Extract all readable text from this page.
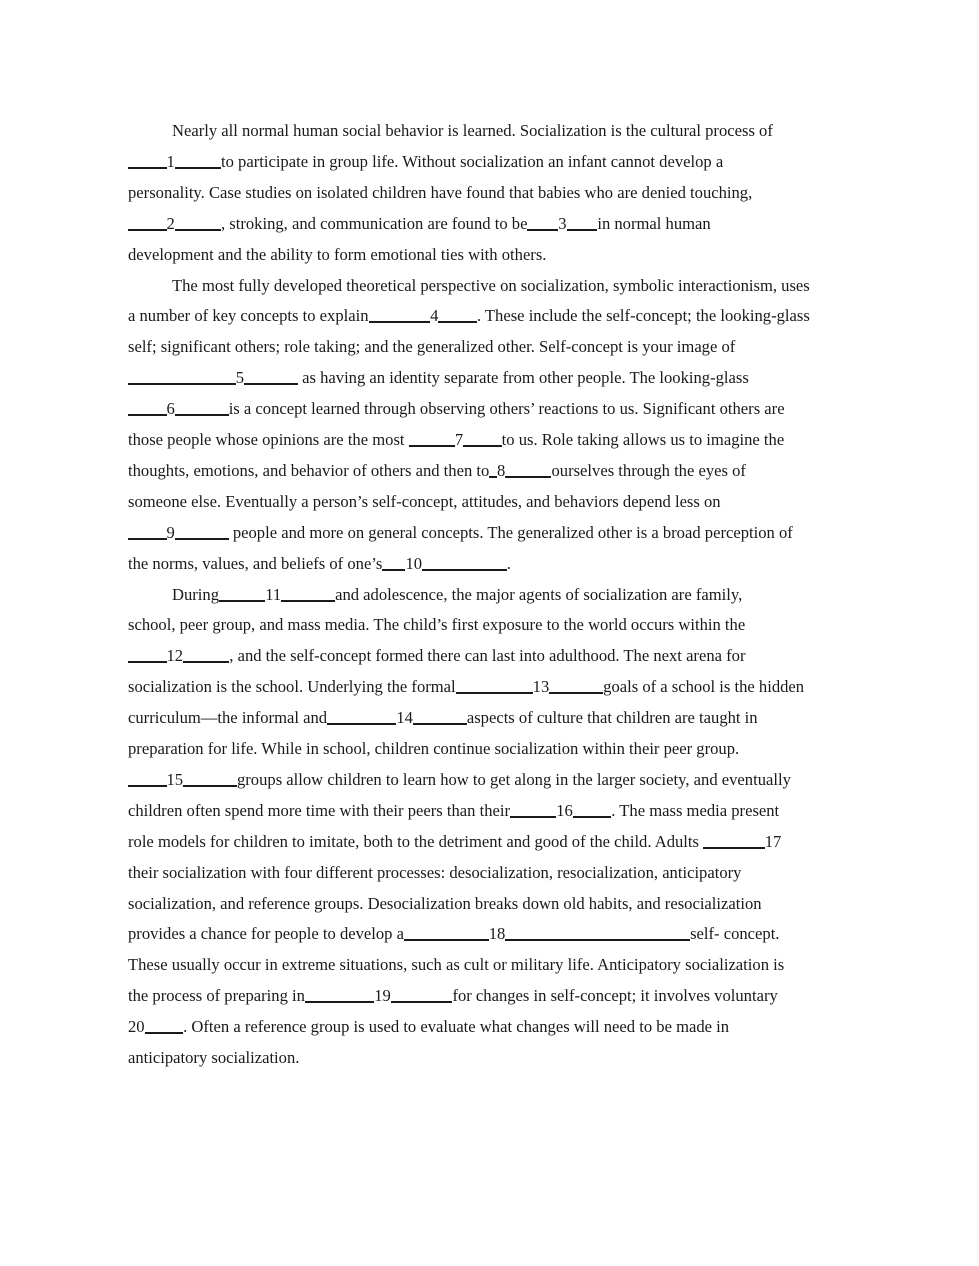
Nearly all normal human social behavior is learned. Socialization is the cultural process of
1	to participate in group life. Without socialization an infant cannot develop a
personality. Case studies on isolated children have found that babies who are denied touching,
2	, stroking, and communication are found to be 3 in normal human
development and the ability to form emotional ties with others.
The most fully developed theoretical perspective on socialization, symbolic interactionism, uses
a number of key concepts to explain	4 . These include the self-concept; the looking-glass
self; significant others; role taking; and the generalized other. Self-concept is your image of
5	as having an identity separate from other people. The looking-glass
6	is a concept learned through observing others’ reactions to us. Significant others are
those people whose opinions are the most	7 to us. Role taking allows us to imagine the
thoughts, emotions, and behavior of others and then to 8	ourselves through the eyes of
someone else. Eventually a person’s self-concept, attitudes, and behaviors depend less on
9	people and more on general concepts. The generalized other is a broad perception of
the norms, values, and beliefs of one’s 10	.
During	11	and adolescence, the major agents of socialization are family,
school, peer group, and mass media. The child’s first exposure to the world occurs within the
12	, and the self-concept formed there can last into adulthood. The next arena for
socialization is the school. Underlying the formal	13	goals of a school is the hidden
curriculum—the informal and	14	aspects of culture that children are taught in
preparation for life. While in school, children continue socialization within their peer group.
15	groups allow children to learn how to get along in the larger society, and eventually
children often spend more time with their peers than their	16 . The mass media present
role models for children to imitate, both to the detriment and good of the child. Adults	17
their socialization with four different processes: desocialization, resocialization, anticipatory
socialization, and reference groups. Desocialization breaks down old habits, and resocialization
provides a chance for people to develop a	18	self- concept.
These usually occur in extreme situations, such as cult or military life. Anticipatory socialization is
the process of preparing in	19	for changes in self-concept; it involves voluntary
20 . Often a reference group is used to evaluate what changes will need to be made in
anticipatory socialization.
